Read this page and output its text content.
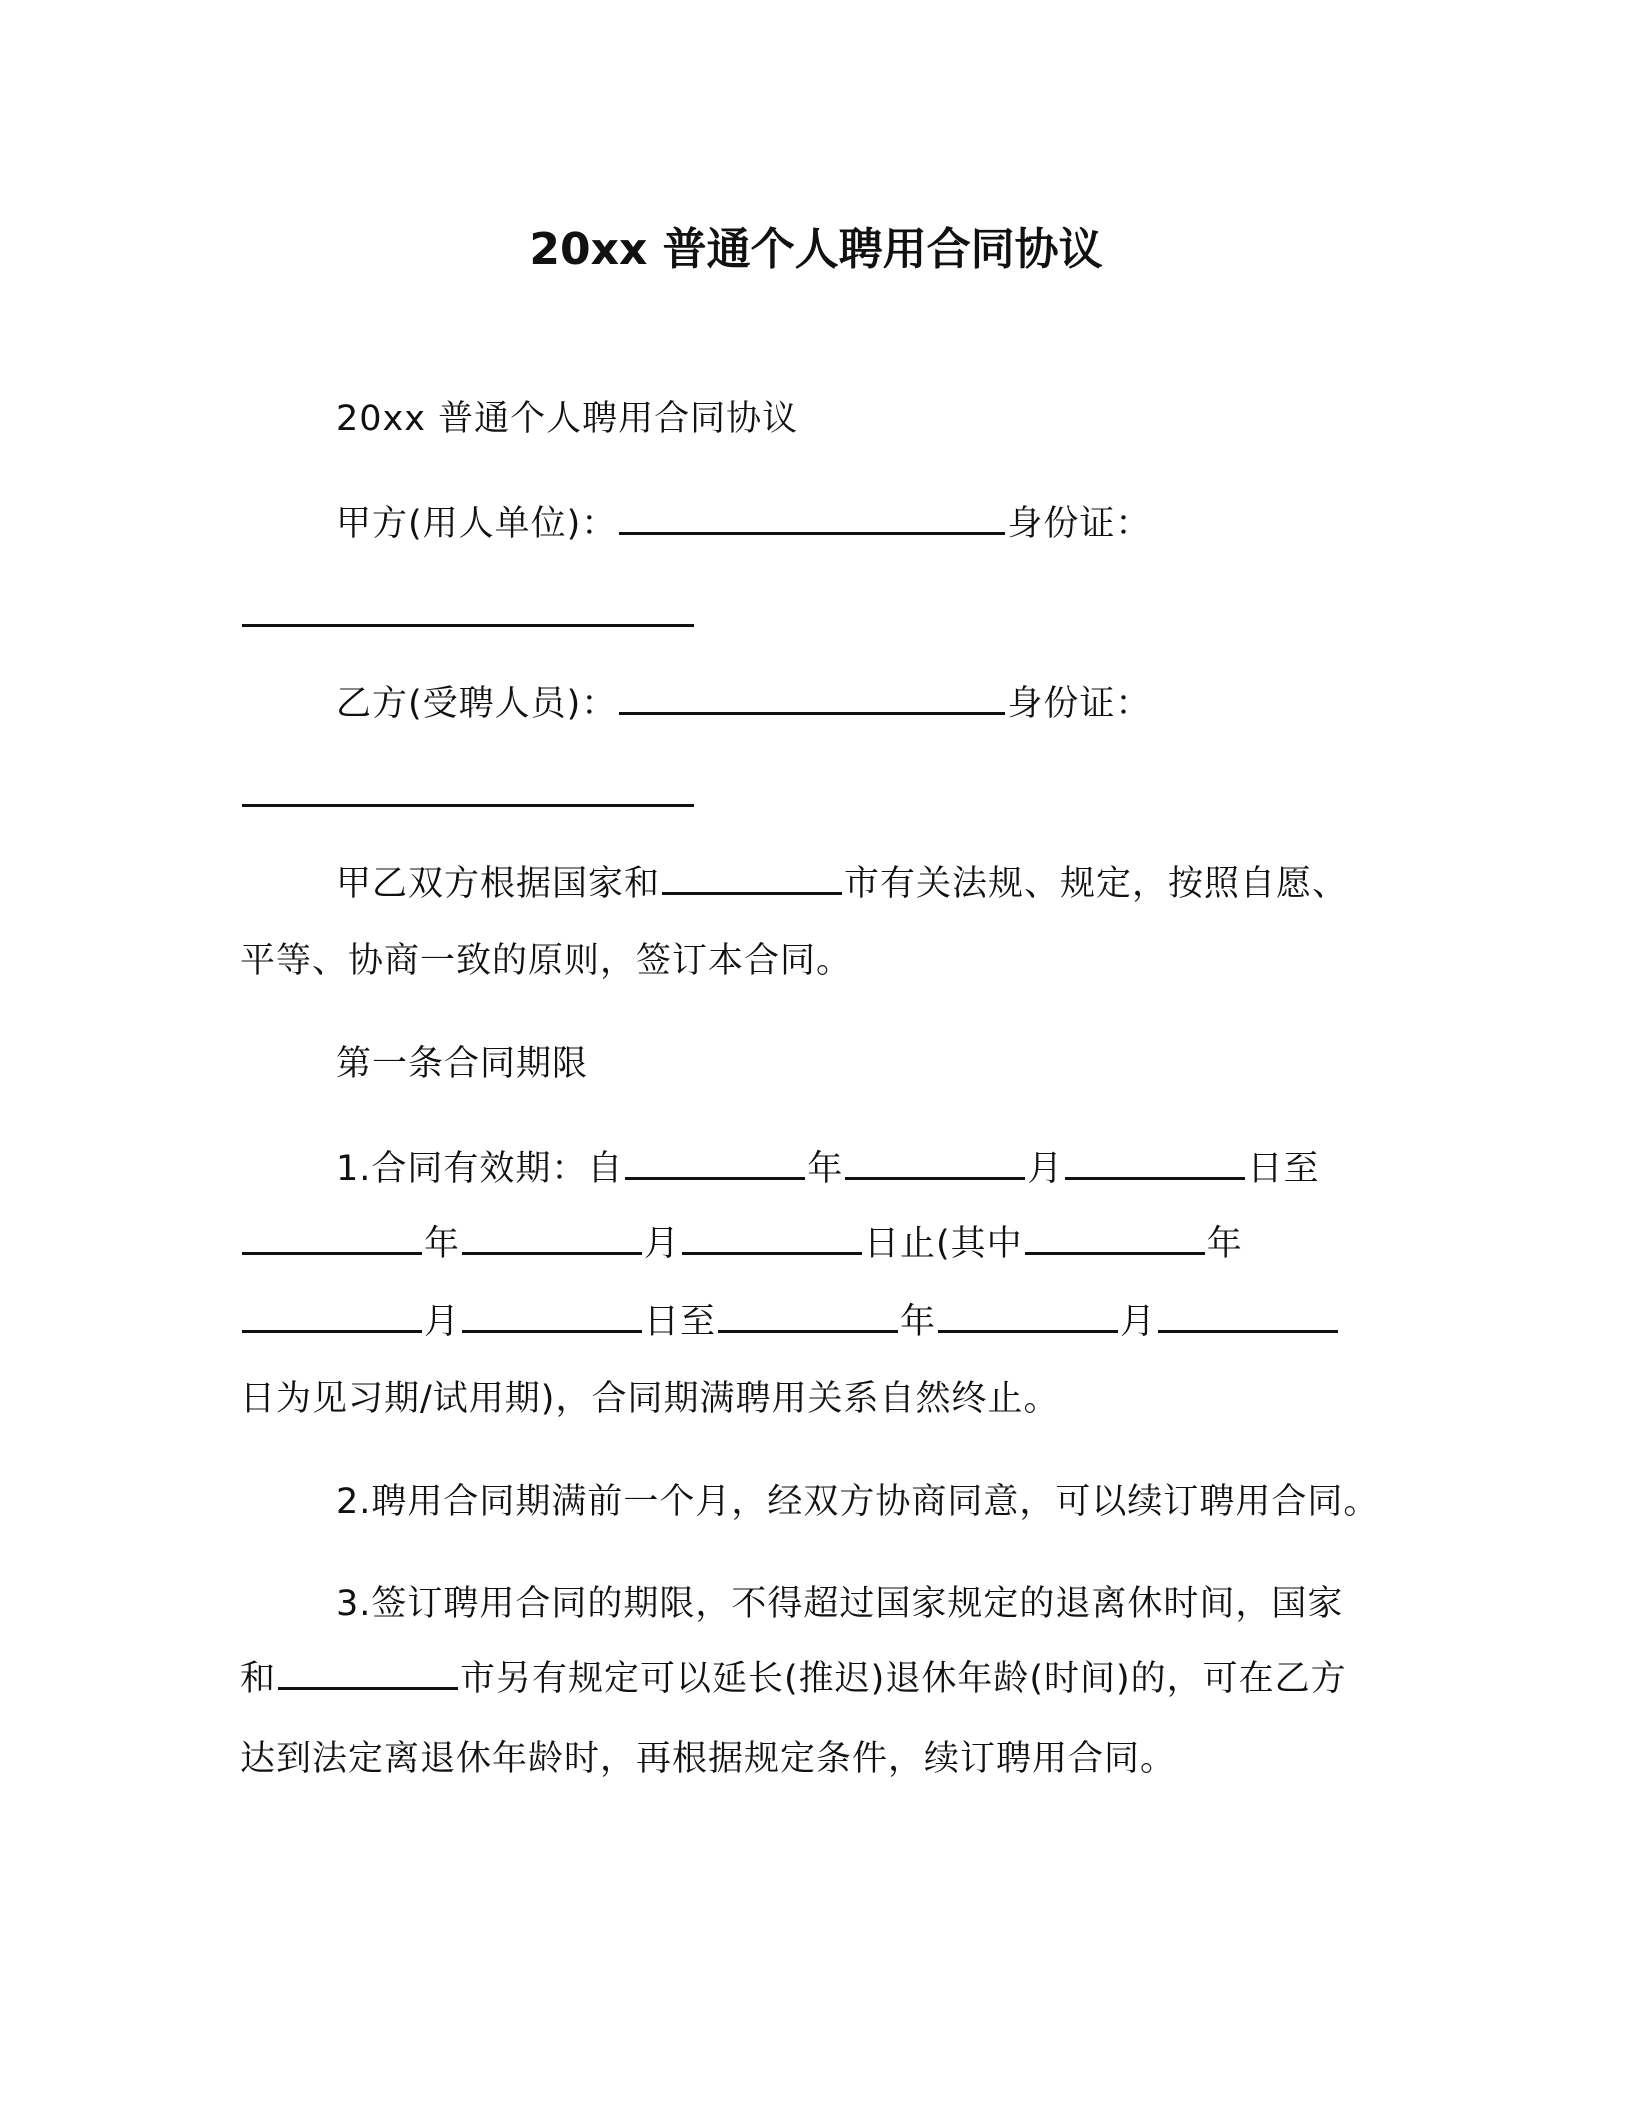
20xx 普通个人聘用合同协议
20xx 普通个人聘用合同协议
甲方(用人单位)：	身份证：
乙方(受聘人员)：	身份证：
甲乙双方根据国家和	市有关法规、规定，按照自愿、
平等、协商一致的原则，签订本合同。
第一条合同期限
1.合同有效期：自	年	月	日至
年	月	日止(其中	年
月	日至	年	月
日为见习期/试用期)，合同期满聘用关系自然终止。
2.聘用合同期满前一个月，经双方协商同意，可以续订聘用合同。
3.签订聘用合同的期限，不得超过国家规定的退离休时间，国家
和	市另有规定可以延长(推迟)退休年龄(时间)的，可在乙方
达到法定离退休年龄时，再根据规定条件，续订聘用合同。
